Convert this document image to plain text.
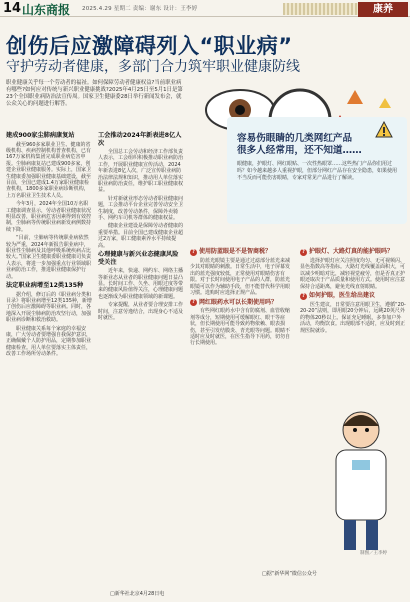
14 山东商报 2025.4.29 星期二 责编：谢东 设计：王李婷	康养
创伤后应激障碍列入“职业病”
守护劳动者健康，多部门合力筑牢职业健康防线
职业健康关乎每一个劳动者的福祉。如何保障劳动者健康权益?当前职业病有哪些?如何应对传统与新兴职业健康挑战?2025年4月25日至5月1日是第23个全国职业病防治法宣传周。国家卫生健康委28日举行新闻发布会，就公众关心的问题进行解答。
建成900家尘肺病康复站

截至960多家职业卫生、健康的省级机构、疾病控制机构普查机构，已有167万家机构集团完成职业病危害申报。尘肺病康复站已建成900多家，创建企业职业健康服务。实际上，国家卫生健康委加强职业健康基础建设，截至目前，全国已建成1.4万家职业健康检查机构，1800多家职业病诊断机构，上万名职业卫生技术人员。

今年3月，2024年全国10万名职工健康调查显示，劳动者职业健康状况明显改善，职业病危害因素得到有效控制，尘肺病等传统职业病新发病例数持续下降。

“目前，尘肺病等传统职业病依然较为严重，2024年新报告职业病中，职业性尘肺病及其他呼吸系统疾病占比较大。”国家卫生健康委职业健康司负责人表示，将进一步加强重点行业领域职业病防治工作，推进职业健康保护行动。

法定职业病增至12类135种

据介绍，修订后的《职业病分类和目录》将职业病增至12类135种，新增了创伤后应激障碍等职业病。同时，各地深入开展尘肺病防治攻坚行动，加强职业病诊断和救治救助。

职业健康关系每个家庭的幸福安康，广大劳动者要增强自我保护意识，正确佩戴个人防护用品，定期参加职业健康检查。用人单位要落实主体责任，改善工作场所劳动条件。

工会推动2024年新表进8亿人次

全国总工会劳动和经济工作部负责人表示，工会组织积极推动职业病防治工作，开展职业健康宣传活动，2024年新表进8亿人次，广泛宣传职业病防治法律法规和知识，推动用人单位落实职业病防治责任，维护职工职业健康权益。

针对新就业形态劳动者职业健康问题，工会推动平台企业完善劳动安全卫生制度，改善劳动条件，保障外卖骑手、网约车司机等群体的健康权益。

健康企业建设是保障劳动者健康的重要举措。目前全国已建成健康企业超过2万家，职工健康素养水平持续提高。

心理健康与新兴业态健康风险受关注

近年来，快递、网约车、网络主播等新业态从业者的职业健康问题日益凸显。长时间工作、久坐、用眼过度等带来的健康风险值得关注，心理健康问题也逐渐成为职业健康领域的新课题。

专家提醒，从业者要合理安排工作时间，注意劳逸结合，出现身心不适及时就医。

容易伤眼睛的几类网红产品
很多人经常用，还不知道……
眼健康，护眼灯、网红眼贴、一次性热眼罩……这些热门产品你们用过吗？如今越来越多人重视护眼，但部分网红产品存在安全隐患，如果使用不当反而可能伤害眼睛，专家对常见产品进行了解读。
? 使用防蓝眼是不是智商税？

防蓝光眼镜主要是通过过滤部分蓝光来减少其对眼睛的刺激。日常生活中，电子屏幕发出的蓝光强度较低，正常使用对眼睛伤害有限。对于长时间使用电子产品的人群，防蓝光眼镜可以作为辅助手段，但不能替代科学用眼习惯。选购时应选择正规产品。

? 网红眼药水可以长期使用吗？

有些网红眼药水中含有防腐剂、血管收缩剂等成分，短期使用可缓解眼红、眼干等症状，但长期使用可能导致药物依赖、眼表损伤，甚至引发结膜炎、青光眼等问题。眼睛不适时应及时就医，在医生指导下用药，切勿自行长期使用。

? 护眼灯、大路灯真的能护眼吗？

选择护眼灯应关注照度均匀、无可视频闪、显色指数高等指标。大路灯光线覆盖面积大，可以减少明暗对比，减轻视觉疲劳，但是否真正护眼还取决于产品质量和使用方式。使用时应注意保持合适距离，避免光线直射眼睛。

? 如何护眼，医生给出建议

医生建议，日常要注意用眼卫生，遵循“20-20-20”法则，即用眼20分钟后，远眺20英尺外的物体20秒以上。保证充足睡眠，多参加户外活动，均衡饮食。出现眼部不适时，应及时到正规医院就诊。

制图／王李婷
□据“新华网”微信公众号
□新华社北京4月28日电
